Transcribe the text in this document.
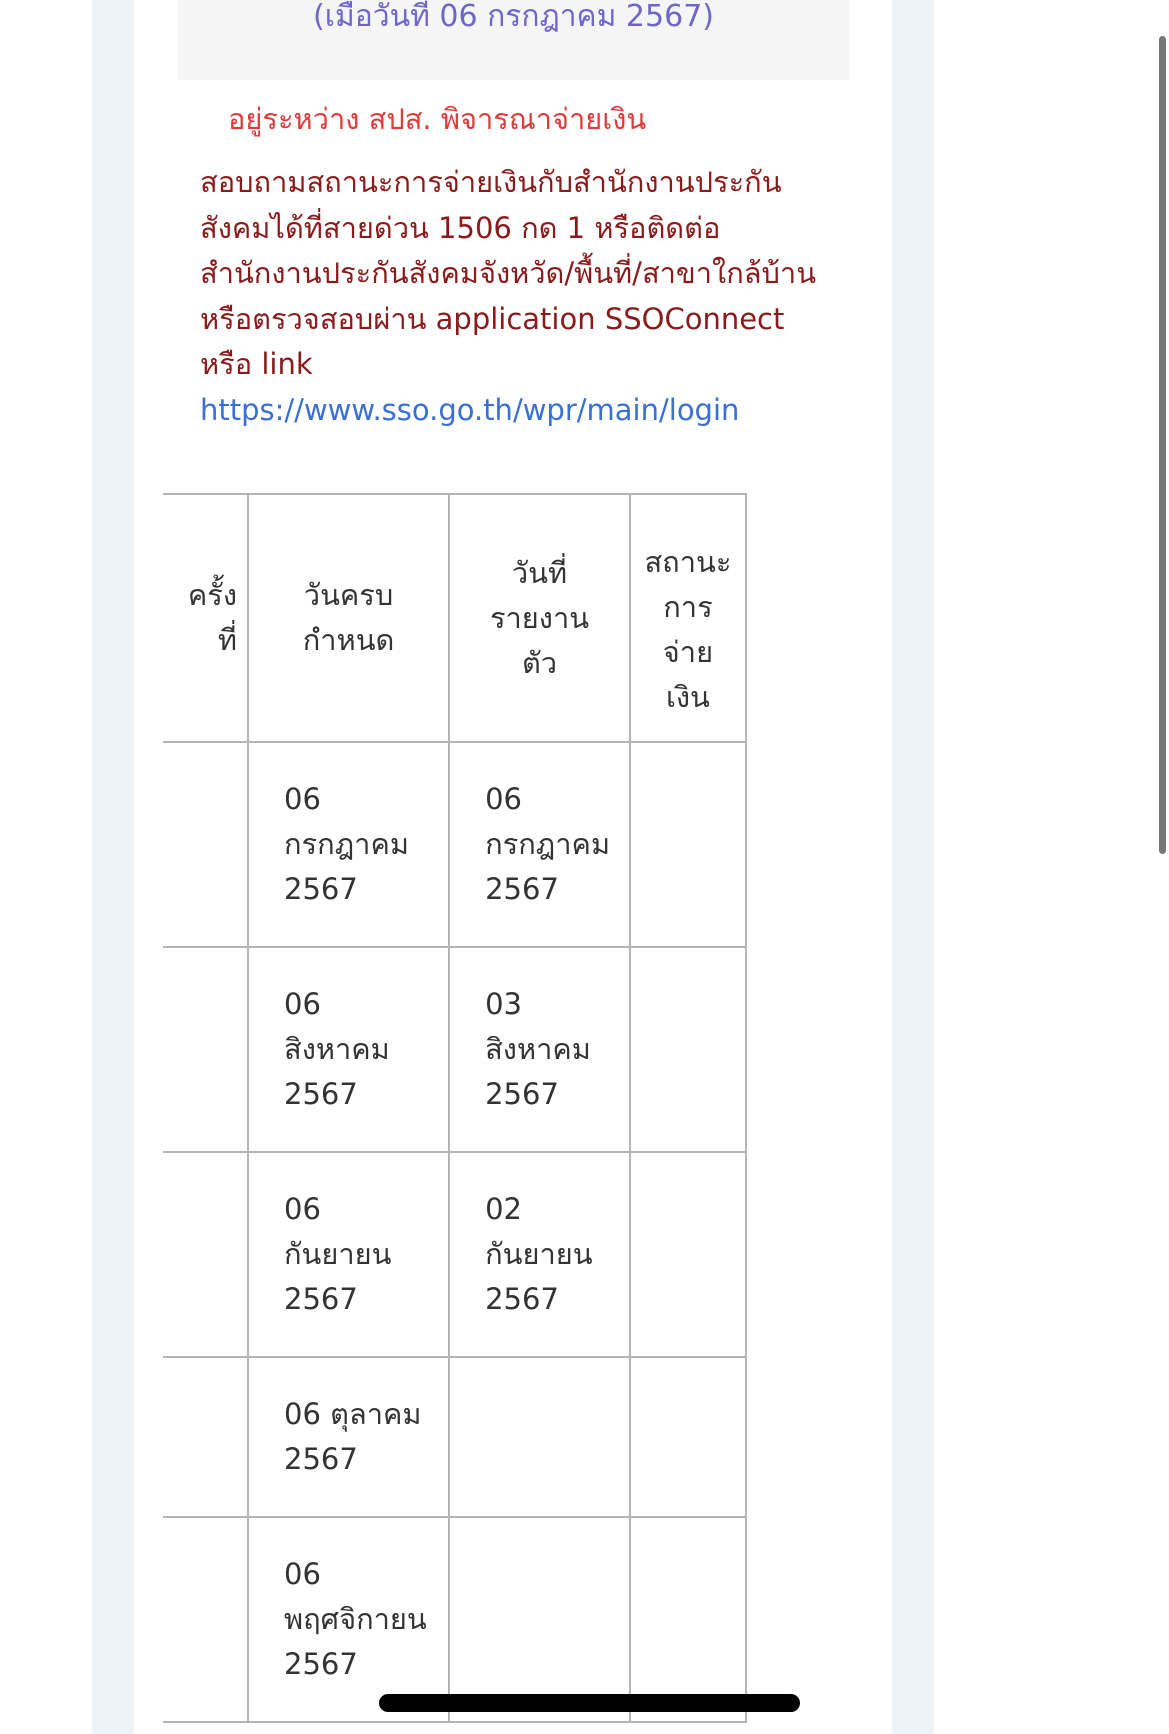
(เมื่อวันที่ 06 กรกฎาคม 2567)
อยู่ระหว่าง สปส. พิจารณาจ่ายเงิน
สอบถามสถานะการจ่ายเงินกับสำนักงานประกัน
สังคมได้ที่สายด่วน 1506 กด 1 หรือติดต่อ
สำนักงานประกันสังคมจังหวัด/พื้นที่/สาขาใกล้บ้าน
หรือตรวจสอบผ่าน application SSOConnect
หรือ link
https://www.sso.go.th/wpr/main/login
ครั้ง
ที่	วันครบ
กำหนด	วันที่
รายงาน
ตัว	สถานะ
การ
จ่าย
เงิน
	06
กรกฎาคม
2567	06
กรกฎาคม
2567	
	06
สิงหาคม
2567	03
สิงหาคม
2567	
	06
กันยายน
2567	02
กันยายน
2567	
	06 ตุลาคม
2567		
	06
พฤศจิกายน
2567		
